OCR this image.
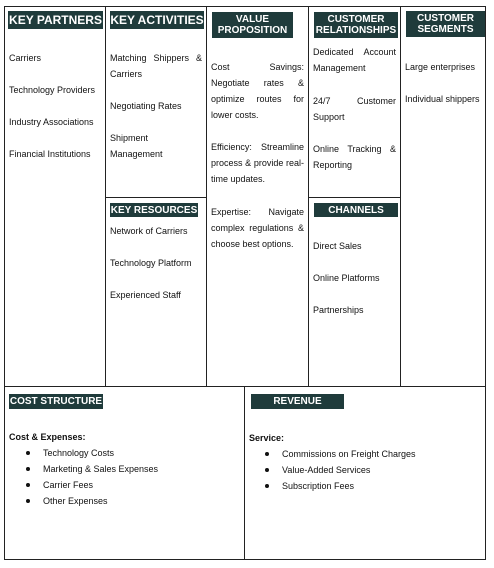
KEY PARTNERS
Carriers
Technology Providers
Industry Associations
Financial Institutions
KEY ACTIVITIES
Matching Shippers & Carriers
Negotiating Rates
Shipment Management
KEY RESOURCES
Network of Carriers
Technology Platform
Experienced Staff
VALUE
PROPOSITION
Cost Savings: Negotiate rates & optimize routes for lower costs.
Efficiency: Streamline process & provide real-time updates.
Expertise: Navigate complex regulations & choose best options.
CUSTOMER
RELATIONSHIPS
Dedicated Account Management
24/7 Customer Support
Online Tracking & Reporting
CHANNELS
Direct Sales
Online Platforms
Partnerships
CUSTOMER
SEGMENTS
Large enterprises
Individual shippers
COST STRUCTURE
Cost & Expenses:
Technology Costs
Marketing & Sales Expenses
Carrier Fees
Other Expenses
REVENUE
Service:
Commissions on Freight Charges
Value-Added Services
Subscription Fees
